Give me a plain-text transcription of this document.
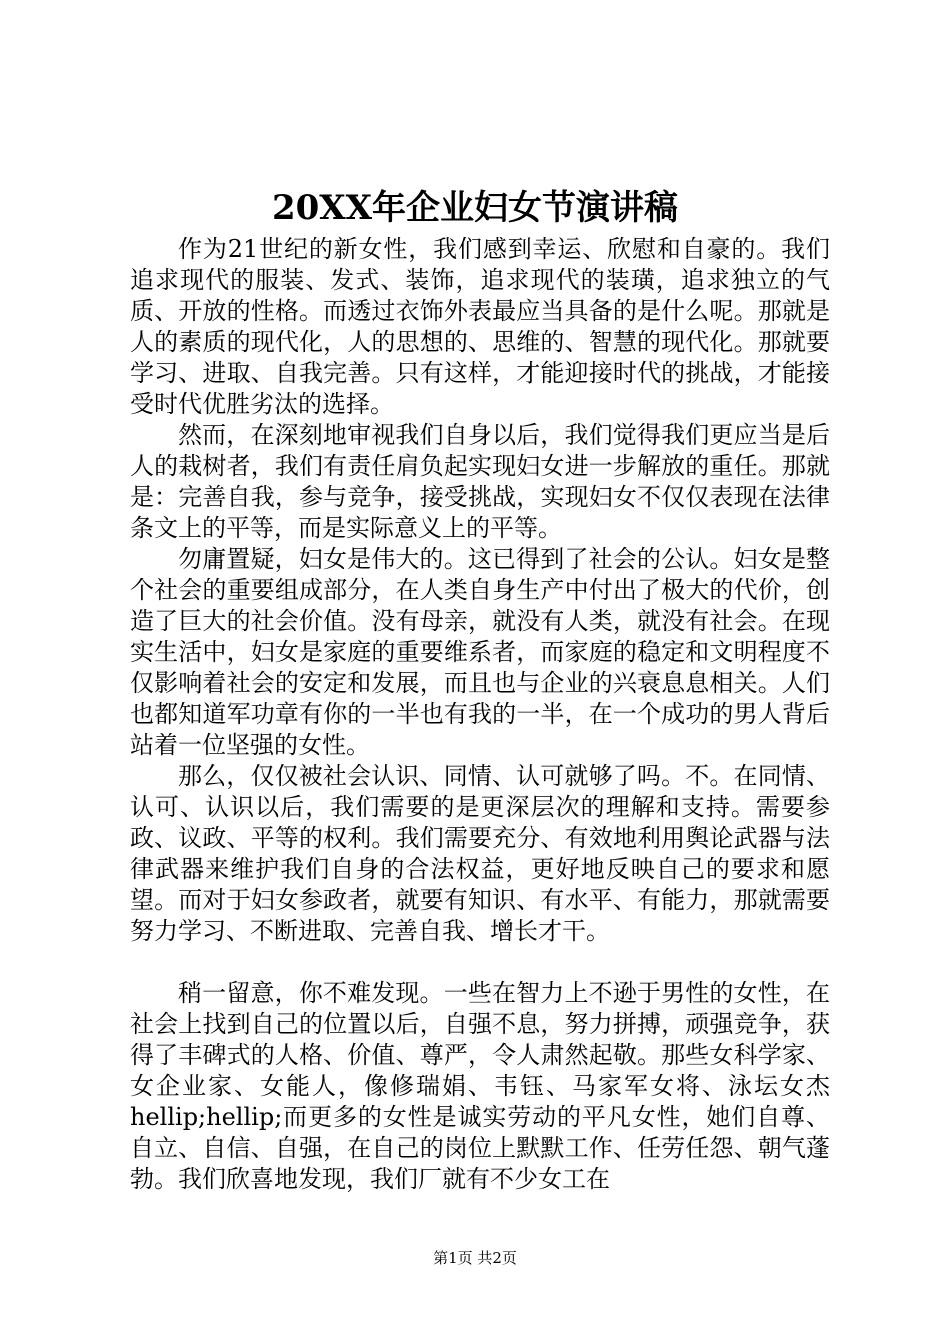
20XX年企业妇女节演讲稿

作为21世纪的新女性，我们感到幸运、欣慰和自豪的。我们追求现代的服装、发式、装饰，追求现代的装璜，追求独立的气质、开放的性格。而透过衣饰外表最应当具备的是什么呢。那就是人的素质的现代化，人的思想的、思维的、智慧的现代化。那就要学习、进取、自我完善。只有这样，才能迎接时代的挑战，才能接受时代优胜劣汰的选择。

然而，在深刻地审视我们自身以后，我们觉得我们更应当是后人的栽树者，我们有责任肩负起实现妇女进一步解放的重任。那就是：完善自我，参与竞争，接受挑战，实现妇女不仅仅表现在法律条文上的平等，而是实际意义上的平等。

勿庸置疑，妇女是伟大的。这已得到了社会的公认。妇女是整个社会的重要组成部分，在人类自身生产中付出了极大的代价，创造了巨大的社会价值。没有母亲，就没有人类，就没有社会。在现实生活中，妇女是家庭的重要维系者，而家庭的稳定和文明程度不仅影响着社会的安定和发展，而且也与企业的兴衰息息相关。人们也都知道军功章有你的一半也有我的一半，在一个成功的男人背后站着一位坚强的女性。

那么，仅仅被社会认识、同情、认可就够了吗。不。在同情、认可、认识以后，我们需要的是更深层次的理解和支持。需要参政、议政、平等的权利。我们需要充分、有效地利用舆论武器与法律武器来维护我们自身的合法权益，更好地反映自己的要求和愿望。而对于妇女参政者，就要有知识、有水平、有能力，那就需要努力学习、不断进取、完善自我、增长才干。

稍一留意，你不难发现。一些在智力上不逊于男性的女性，在社会上找到自己的位置以后，自强不息，努力拼搏，顽强竞争，获得了丰碑式的人格、价值、尊严，令人肃然起敬。那些女科学家、女企业家、女能人，像修瑞娟、韦钰、马家军女将、泳坛女杰hellip;hellip;而更多的女性是诚实劳动的平凡女性，她们自尊、自立、自信、自强，在自己的岗位上默默工作、任劳任怨、朝气蓬勃。我们欣喜地发现，我们厂就有不少女工在

第1页 共2页
